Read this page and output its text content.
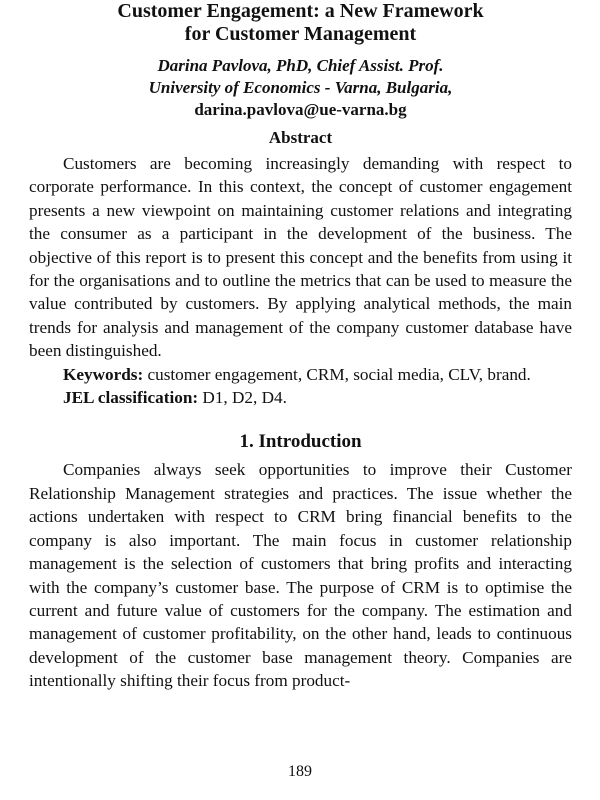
Customer Engagement: a New Framework
for Customer Management
Darina Pavlova, PhD, Chief Assist. Prof.
University of Economics - Varna, Bulgaria,
darina.pavlova@ue-varna.bg
Abstract

Customers are becoming increasingly demanding with respect to corporate performance. In this context, the concept of customer engagement presents a new viewpoint on maintaining customer relations and integrating the consumer as a participant in the development of the business. The objective of this report is to present this concept and the benefits from using it for the organisations and to outline the metrics that can be used to measure the value contributed by customers. By applying analytical methods, the main trends for analysis and management of the company customer database have been distinguished.

Keywords: customer engagement, CRM, social media, CLV, brand.

JEL classification: D1, D2, D4.

1. Introduction

Companies always seek opportunities to improve their Customer Relationship Management strategies and practices. The issue whether the actions undertaken with respect to CRM bring financial benefits to the company is also important. The main focus in customer relationship management is the selection of customers that bring profits and interacting with the company’s customer base. The purpose of CRM is to optimise the current and future value of customers for the company. The estimation and management of customer profitability, on the other hand, leads to continuous development of the customer base management theory. Companies are intentionally shifting their focus from product-

189
